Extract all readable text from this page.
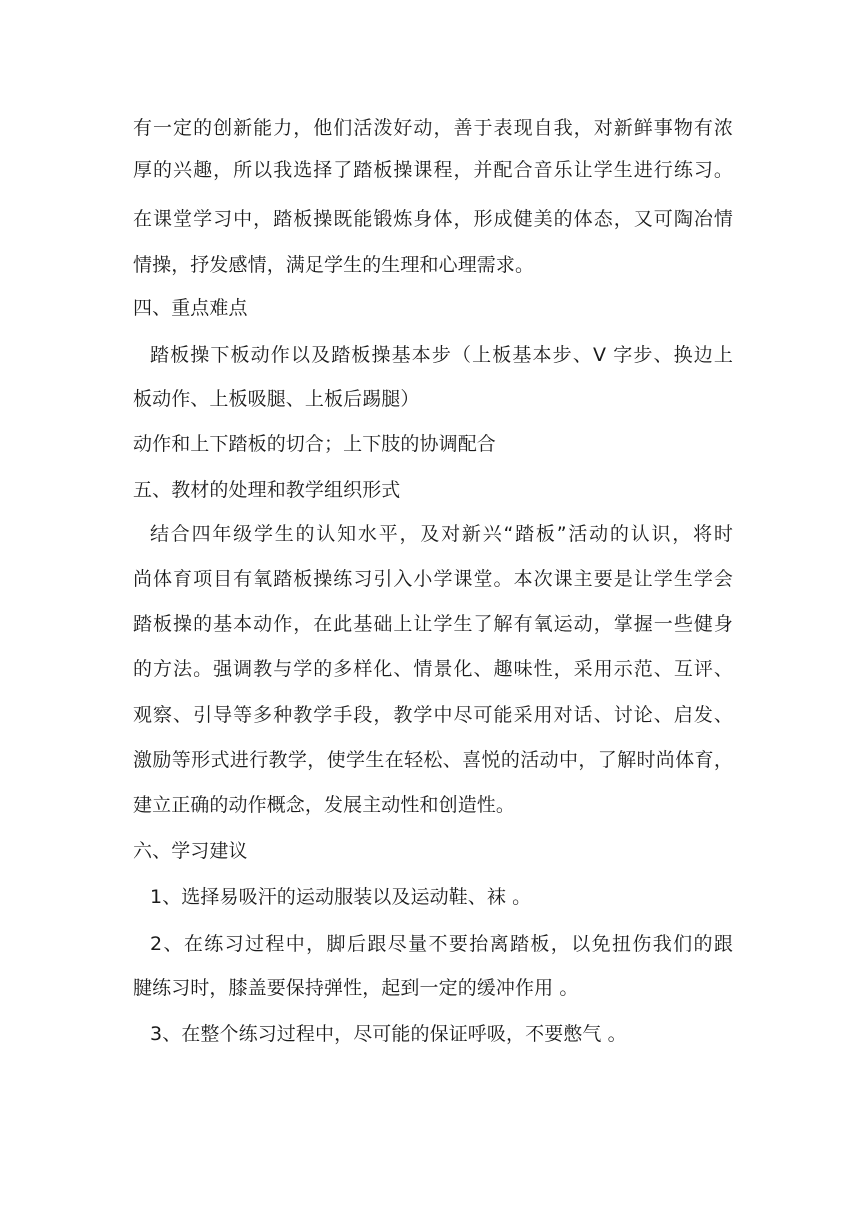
有一定的创新能力，他们活泼好动，善于表现自我，对新鲜事物有浓
厚的兴趣，所以我选择了踏板操课程，并配合音乐让学生进行练习。
在课堂学习中，踏板操既能锻炼身体，形成健美的体态，又可陶冶情
情操，抒发感情，满足学生的生理和心理需求。
四、重点难点
踏板操下板动作以及踏板操基本步（上板基本步、V 字步、换边上
板动作、上板吸腿、上板后踢腿）
动作和上下踏板的切合；上下肢的协调配合
五、教材的处理和教学组织形式
结合四年级学生的认知水平，及对新兴“踏板”活动的认识，将时
尚体育项目有氧踏板操练习引入小学课堂。本次课主要是让学生学会
踏板操的基本动作，在此基础上让学生了解有氧运动，掌握一些健身
的方法。强调教与学的多样化、情景化、趣味性，采用示范、互评、
观察、引导等多种教学手段，教学中尽可能采用对话、讨论、启发、
激励等形式进行教学，使学生在轻松、喜悦的活动中，了解时尚体育，
建立正确的动作概念，发展主动性和创造性。
六、学习建议
1、选择易吸汗的运动服装以及运动鞋、袜 。
2、在练习过程中，脚后跟尽量不要抬离踏板，以免扭伤我们的跟
腱练习时，膝盖要保持弹性，起到一定的缓冲作用 。
3、在整个练习过程中，尽可能的保证呼吸，不要憋气 。
